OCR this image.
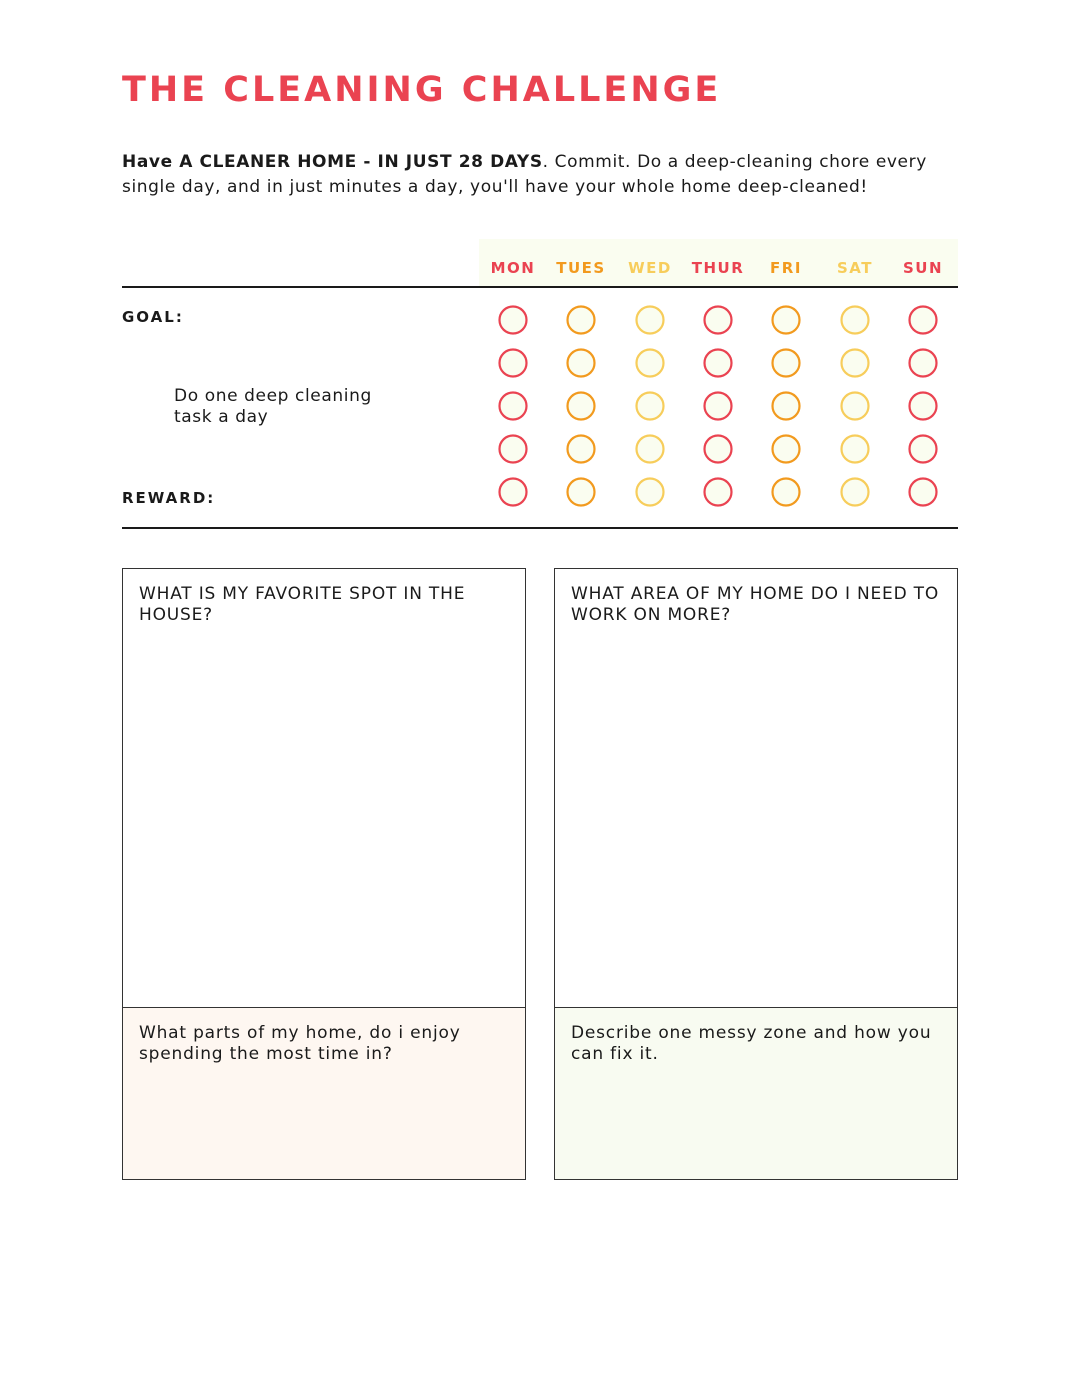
THE CLEANING CHALLENGE

Have A CLEANER HOME - IN JUST 28 DAYS. Commit. Do a deep-cleaning chore every single day, and in just minutes a day, you'll have your whole home deep-cleaned!

MON	TUES	WED	THUR	FRI	SAT	SUN
GOAL:
Do one deep cleaning task a day
REWARD:
WHAT IS MY FAVORITE SPOT IN THE HOUSE?
WHAT AREA OF MY HOME DO I NEED TO WORK ON MORE?
What parts of my home, do i enjoy spending the most time in?
Describe one messy zone and how you can fix it.
